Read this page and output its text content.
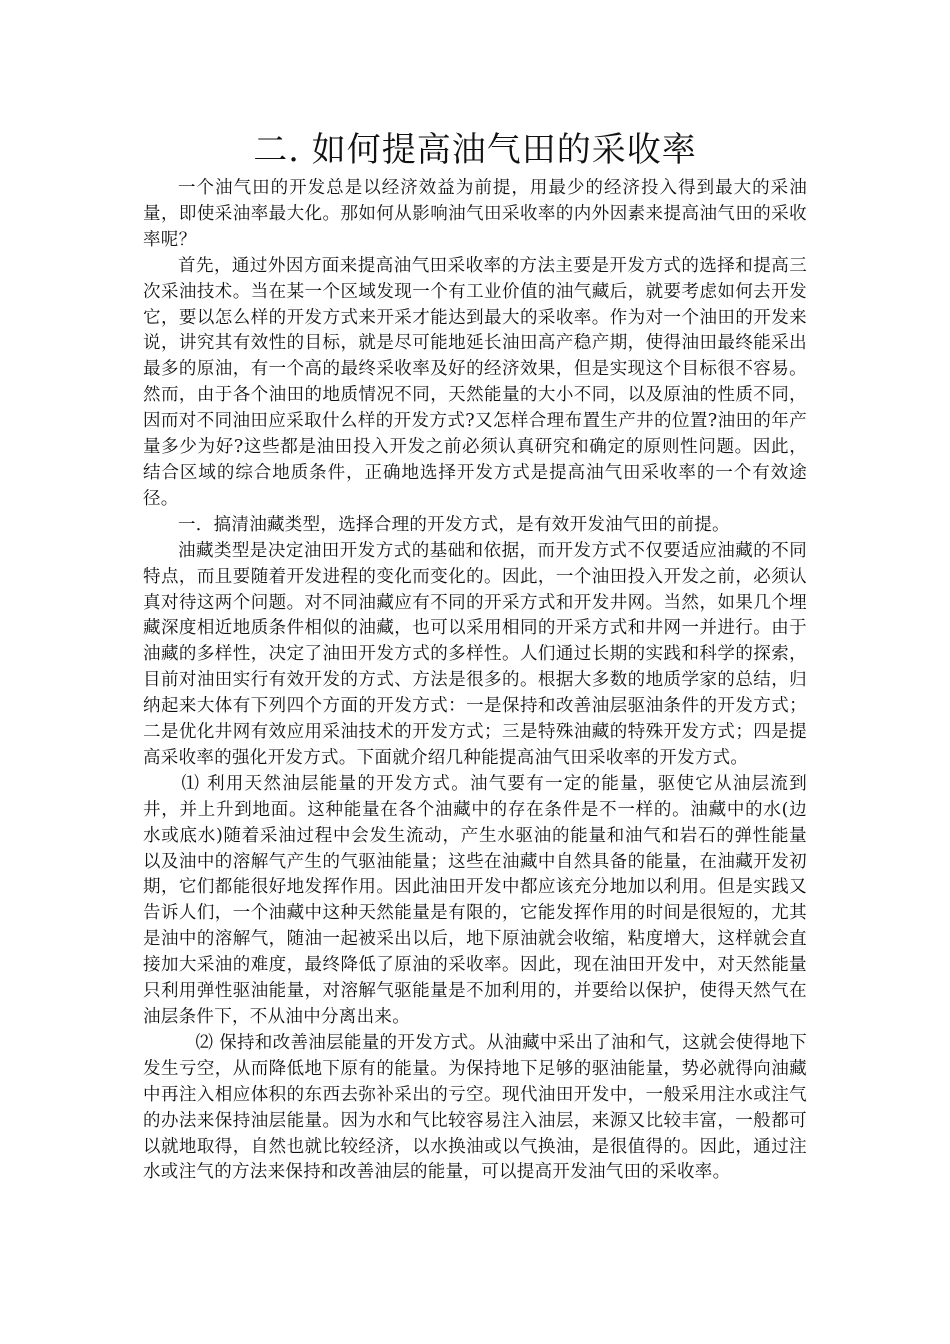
二. 如何提高油气田的采收率

一个油气田的开发总是以经济效益为前提，用最少的经济投入得到最大的采油量，即使采油率最大化。那如何从影响油气田采收率的内外因素来提高油气田的采收率呢？

首先，通过外因方面来提高油气田采收率的方法主要是开发方式的选择和提高三次采油技术。当在某一个区域发现一个有工业价值的油气藏后，就要考虑如何去开发它，要以怎么样的开发方式来开采才能达到最大的采收率。作为对一个油田的开发来说，讲究其有效性的目标，就是尽可能地延长油田高产稳产期，使得油田最终能采出最多的原油，有一个高的最终采收率及好的经济效果，但是实现这个目标很不容易。然而，由于各个油田的地质情况不同，天然能量的大小不同，以及原油的性质不同，因而对不同油田应采取什么样的开发方式?又怎样合理布置生产井的位置?油田的年产量多少为好?这些都是油田投入开发之前必须认真研究和确定的原则性问题。因此，结合区域的综合地质条件，正确地选择开发方式是提高油气田采收率的一个有效途径。

一．搞清油藏类型，选择合理的开发方式，是有效开发油气田的前提。

油藏类型是决定油田开发方式的基础和依据，而开发方式不仅要适应油藏的不同特点，而且要随着开发进程的变化而变化的。因此，一个油田投入开发之前，必须认真对待这两个问题。对不同油藏应有不同的开采方式和开发井网。当然，如果几个埋藏深度相近地质条件相似的油藏，也可以采用相同的开采方式和井网一并进行。由于油藏的多样性，决定了油田开发方式的多样性。人们通过长期的实践和科学的探索，目前对油田实行有效开发的方式、方法是很多的。根据大多数的地质学家的总结，归纳起来大体有下列四个方面的开发方式：一是保持和改善油层驱油条件的开发方式；二是优化井网有效应用采油技术的开发方式；三是特殊油藏的特殊开发方式；四是提高采收率的强化开发方式。下面就介绍几种能提高油气田采收率的开发方式。

⑴ 利用天然油层能量的开发方式。油气要有一定的能量，驱使它从油层流到井，并上升到地面。这种能量在各个油藏中的存在条件是不一样的。油藏中的水(边水或底水)随着采油过程中会发生流动，产生水驱油的能量和油气和岩石的弹性能量以及油中的溶解气产生的气驱油能量；这些在油藏中自然具备的能量，在油藏开发初期，它们都能很好地发挥作用。因此油田开发中都应该充分地加以利用。但是实践又告诉人们，一个油藏中这种天然能量是有限的，它能发挥作用的时间是很短的，尤其是油中的溶解气，随油一起被采出以后，地下原油就会收缩，粘度增大，这样就会直接加大采油的难度，最终降低了原油的采收率。因此，现在油田开发中，对天然能量只利用弹性驱油能量，对溶解气驱能量是不加利用的，并要给以保护，使得天然气在油层条件下，不从油中分离出来。

⑵ 保持和改善油层能量的开发方式。从油藏中采出了油和气，这就会使得地下发生亏空，从而降低地下原有的能量。为保持地下足够的驱油能量，势必就得向油藏中再注入相应体积的东西去弥补采出的亏空。现代油田开发中，一般采用注水或注气的办法来保持油层能量。因为水和气比较容易注入油层，来源又比较丰富，一般都可以就地取得，自然也就比较经济，以水换油或以气换油，是很值得的。因此，通过注水或注气的方法来保持和改善油层的能量，可以提高开发油气田的采收率。
